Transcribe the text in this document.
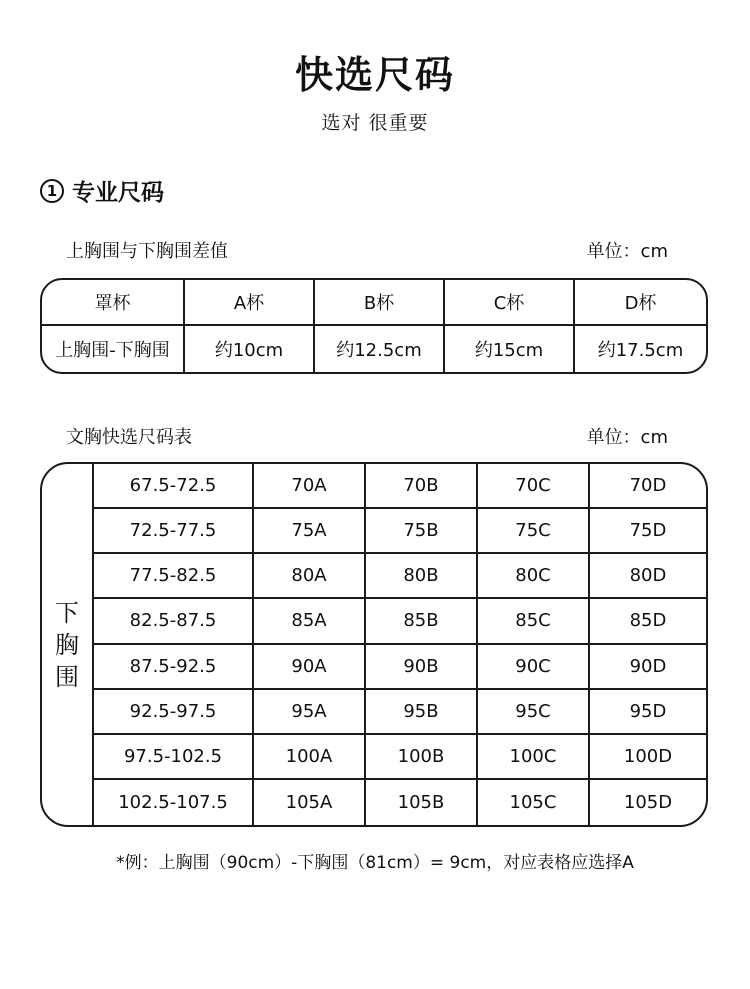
快选尺码
选对 很重要
1 专业尺码
上胸围与下胸围差值	单位：cm
罩杯	A杯	B杯	C杯	D杯
上胸围-下胸围	约10cm	约12.5cm	约15cm	约17.5cm
文胸快选尺码表	单位：cm
下
胸
围
67.5-72.5	70A	70B	70C	70D
72.5-77.5	75A	75B	75C	75D
77.5-82.5	80A	80B	80C	80D
82.5-87.5	85A	85B	85C	85D
87.5-92.5	90A	90B	90C	90D
92.5-97.5	95A	95B	95C	95D
97.5-102.5	100A	100B	100C	100D
102.5-107.5	105A	105B	105C	105D
*例：上胸围（90cm）-下胸围（81cm）= 9cm，对应表格应选择A
